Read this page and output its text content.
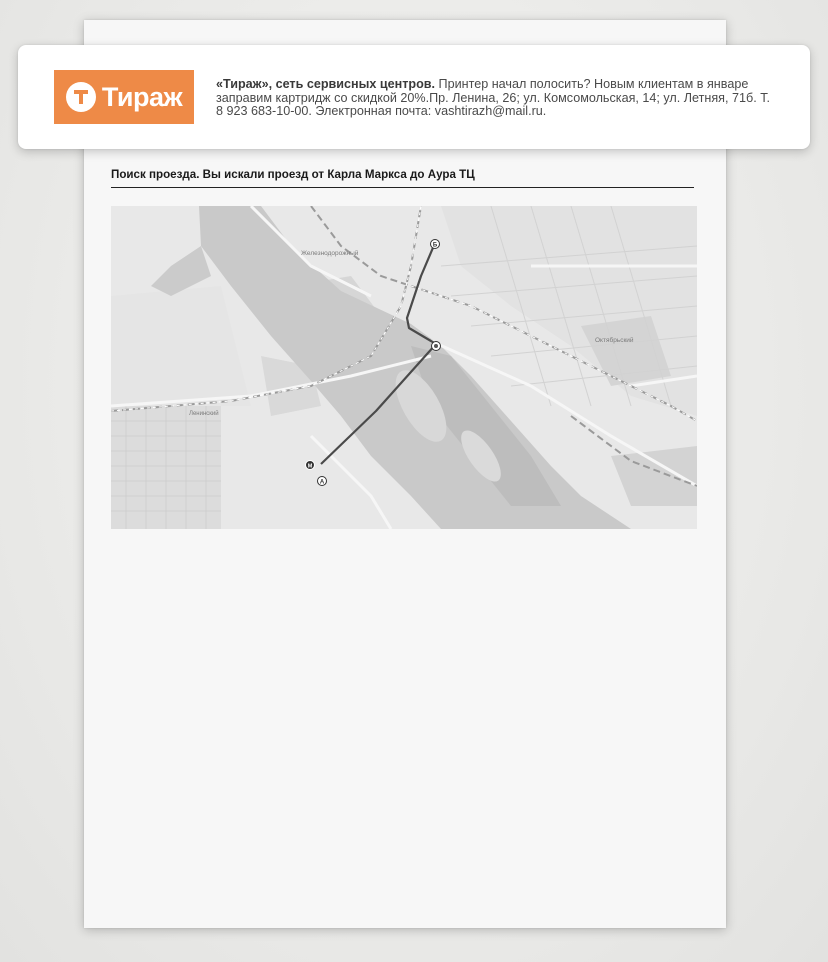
Тираж	«Тираж», сеть сервисных центров. Принтер начал полосить? Новым клиентам в январе заправим картридж со скидкой 20%.Пр. Ленина, 26; ул. Комсомольская, 14; ул. Летняя, 71б. Т. 8 923 683-10-00. Электронная почта: vashtirazh@mail.ru.
Поиск проезда. Вы искали проезд от Карла Маркса до Аура ТЦ
Железнодорожный
Октябрьский
Ленинский
A
М
Б
